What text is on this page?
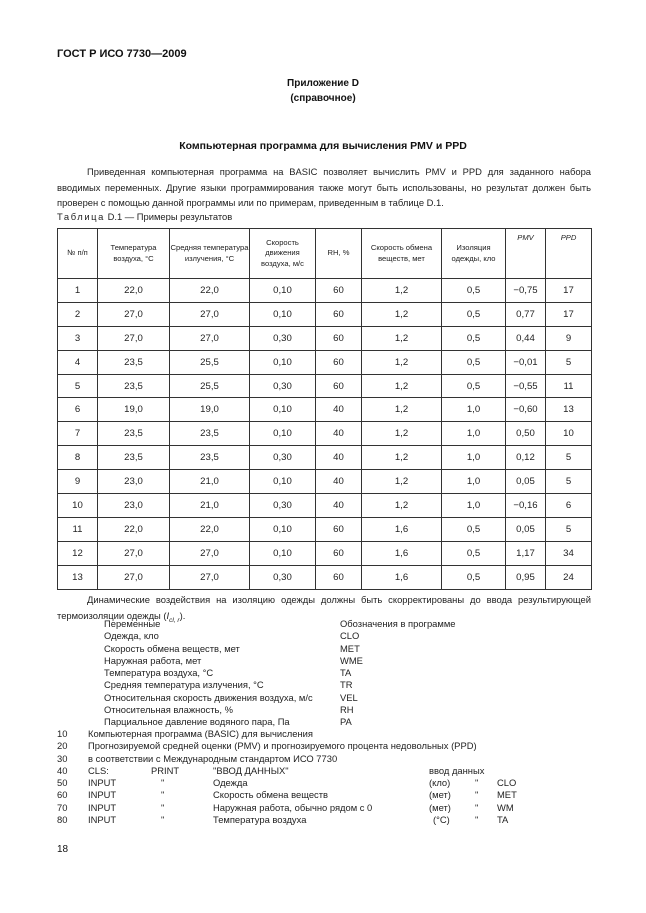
ГОСТ Р ИСО 7730—2009
Приложение D
(справочное)
Компьютерная программа для вычисления PMV и PPD

Приведенная компьютерная программа на BASIC позволяет вычислить PMV и PPD для заданного набора вводимых переменных. Другие языки программирования также могут быть использованы, но результат должен быть проверен с помощью данной программы или по примерам, приведенным в таблице D.1.

Таблица D.1 — Примеры результатов
№ п/п	Температура воздуха, °C	Средняя температура излучения, °C	Скорость движения воздуха, м/с	RH, %	Скорость обмена веществ, мет	Изоляция одежды, кло	PMV	PPD
1	22,0	22,0	0,10	60	1,2	0,5	−0,75	17
2	27,0	27,0	0,10	60	1,2	0,5	0,77	17
3	27,0	27,0	0,30	60	1,2	0,5	0,44	9
4	23,5	25,5	0,10	60	1,2	0,5	−0,01	5
5	23,5	25,5	0,30	60	1,2	0,5	−0,55	11
6	19,0	19,0	0,10	40	1,2	1,0	−0,60	13
7	23,5	23,5	0,10	40	1,2	1,0	0,50	10
8	23,5	23,5	0,30	40	1,2	1,0	0,12	5
9	23,0	21,0	0,10	40	1,2	1,0	0,05	5
10	23,0	21,0	0,30	40	1,2	1,0	−0,16	6
11	22,0	22,0	0,10	60	1,6	0,5	0,05	5
12	27,0	27,0	0,10	60	1,6	0,5	1,17	34
13	27,0	27,0	0,30	60	1,6	0,5	0,95	24

Динамические воздействия на изоляцию одежды должны быть скорректированы до ввода результирующей термоизоляции одежды $(I_{cl, r})$.

Переменные	Обозначения в программе
Одежда, кло	CLO
Скорость обмена веществ, мет	MET
Наружная работа, мет	WME
Температура воздуха, °C	TA
Средняя температура излучения, °C	TR
Относительная скорость движения воздуха, м/с	VEL
Относительная влажность, %	RH
Парциальное давление водяного пара, Па	PA
10 Компьютерная программа (BASIC) для вычисления
20 Прогнозируемой средней оценки (PMV) и прогнозируемого процента недовольных (PPD)
30 в соответствии с Международным стандартом ИСО 7730
40 CLS:	PRINT	"ВВОД ДАННЫХ"	ввод данных
50 INPUT	"	Одежда	(кло)	" CLO
60 INPUT	"	Скорость обмена веществ	(мет)	" MET
70 INPUT	"	Наружная работа, обычно рядом с 0	(мет)	" WM
80 INPUT	"	Температура воздуха	(°C)	" TA
18
